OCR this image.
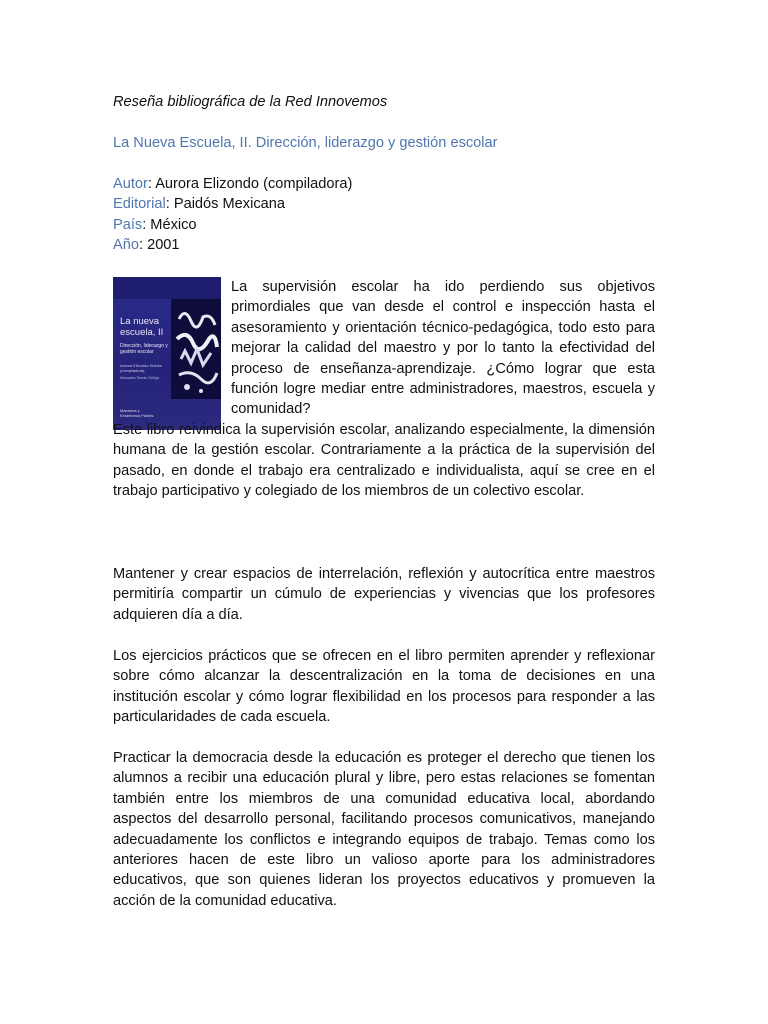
Reseña bibliográfica de la Red Innovemos

La Nueva Escuela, II. Dirección, liderazgo y gestión escolar
Autor: Aurora Elizondo (compiladora)
Editorial: Paidós Mexicana
País: México
Año: 2001
La nueva
escuela, II
Dirección, liderazgo y gestión escolar
Aurora Elizondo Huerta (compiladora)
Manuales Tomás Zúñiga
Maestros y Enseñanza Paidós

La supervisión escolar ha ido perdiendo sus objetivos primordiales que van desde el control e inspección hasta el asesoramiento y orientación técnico-pedagógica, todo esto para mejorar la calidad del maestro y por lo tanto la efectividad del proceso de enseñanza-aprendizaje. ¿Cómo lograr que esta función logre mediar entre administradores, maestros, escuela y comunidad?

Este libro reivindica la supervisión escolar, analizando especialmente, la dimensión humana de la gestión escolar. Contrariamente a la práctica de la supervisión del pasado, en donde el trabajo era centralizado e individualista, aquí se cree en el trabajo participativo y colegiado de los miembros de un colectivo escolar.

Mantener y crear espacios de interrelación, reflexión y autocrítica entre maestros permitiría compartir un cúmulo de experiencias y vivencias que los profesores adquieren día a día.

Los ejercicios prácticos que se ofrecen en el libro permiten aprender y reflexionar sobre cómo alcanzar la descentralización en la toma de decisiones en una institución escolar y cómo lograr flexibilidad en los procesos para responder a las particularidades de cada escuela.

Practicar la democracia desde la educación es proteger el derecho que tienen los alumnos a recibir una educación plural y libre, pero estas relaciones se fomentan también entre los miembros de una comunidad educativa local, abordando aspectos del desarrollo personal, facilitando procesos comunicativos, manejando adecuadamente los conflictos e integrando equipos de trabajo. Temas como los anteriores hacen de este libro un valioso aporte para los administradores educativos, que son quienes lideran los proyectos educativos y promueven la acción de la comunidad educativa.
